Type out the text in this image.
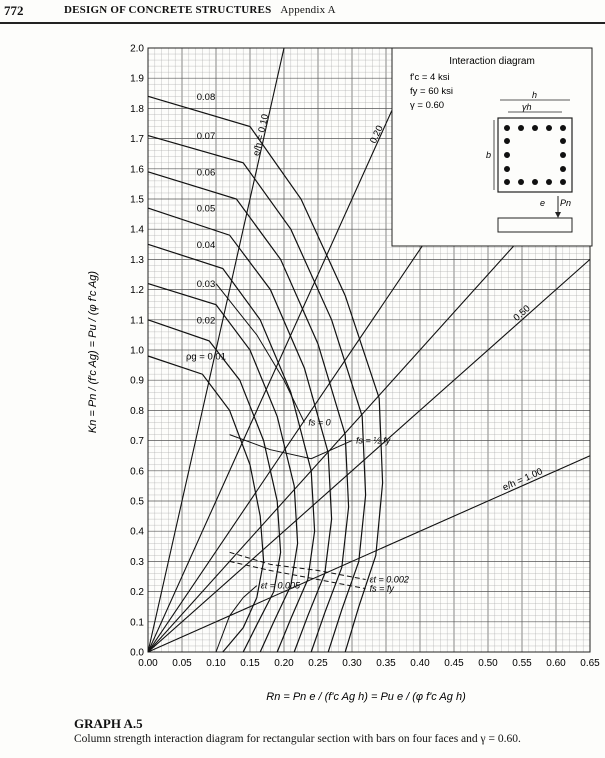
772	DESIGN OF CONCRETE STRUCTURES Appendix A
e/h = 0.10	0.20
0.50
e/h = 1.00
ρg = 0.01
0.02
0.03
0.04
0.05
0.06
0.07
0.08
fs = 0
fs = ½ fy
εt = 0.002
fs = fy
εt = 0.005
0.00 0.05 0.10 0.15 0.20 0.25 0.30 0.35 0.40 0.45 0.50 0.55 0.60 0.65
0.0
0.1
0.2
0.3
0.4
0.5
0.6
0.7
0.8
0.9
1.0
1.1
1.2
1.3
1.4
1.5
1.6
1.7
1.8
1.9
2.0
Interaction diagram
f'c = 4 ksi
fy = 60 ksi
γ = 0.60
h
γh
b
e Pn
Rn = Pn e / (f'c Ag h) = Pu e / (φ f'c Ag h)
Kn = Pn / (f'c Ag) = Pu / (φ f'c Ag)
GRAPH A.5
Column strength interaction diagram for rectangular section with bars on four faces and γ = 0.60.
